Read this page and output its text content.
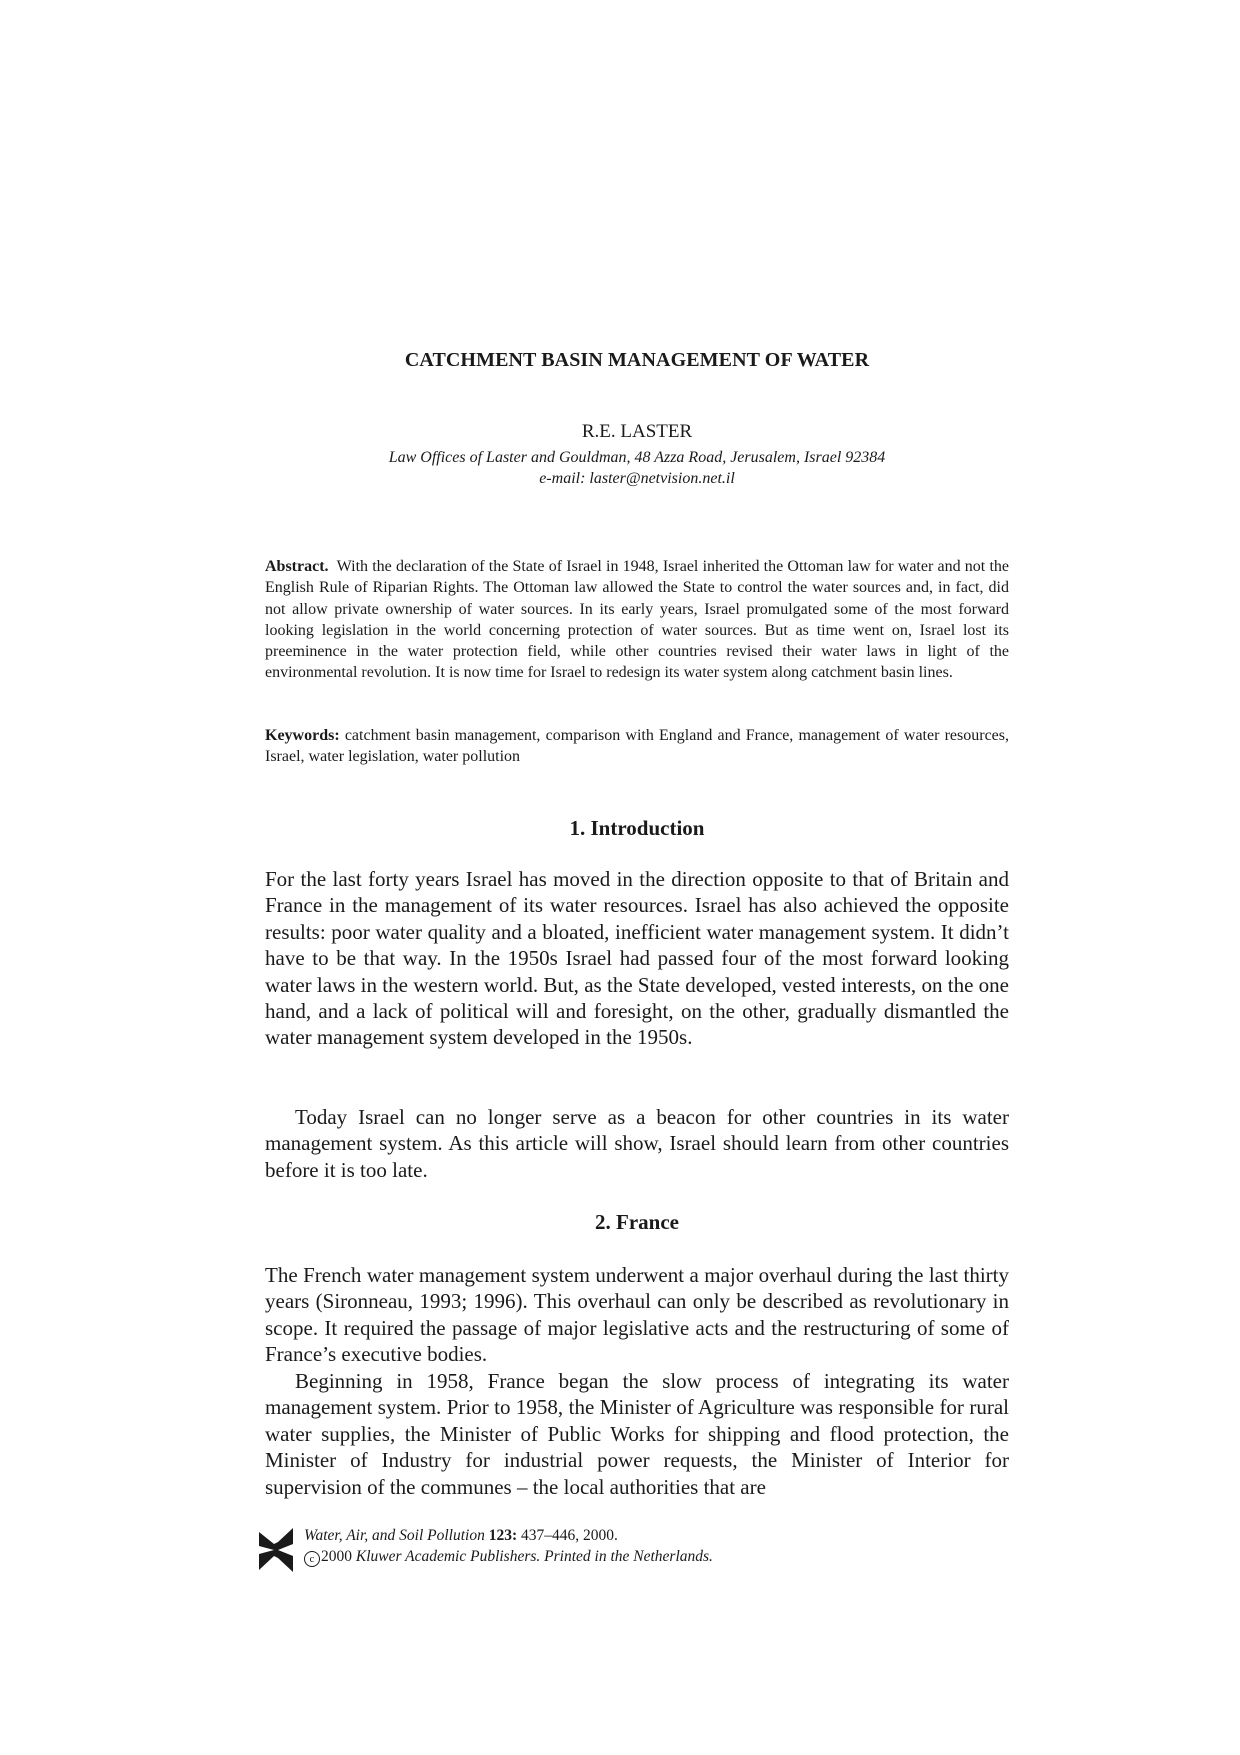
CATCHMENT BASIN MANAGEMENT OF WATER

R.E. LASTER

Law Offices of Laster and Gouldman, 48 Azza Road, Jerusalem, Israel 92384

e-mail: laster@netvision.net.il

Abstract. With the declaration of the State of Israel in 1948, Israel inherited the Ottoman law for water and not the English Rule of Riparian Rights. The Ottoman law allowed the State to control the water sources and, in fact, did not allow private ownership of water sources. In its early years, Israel promulgated some of the most forward looking legislation in the world concerning protection of water sources. But as time went on, Israel lost its preeminence in the water protection field, while other countries revised their water laws in light of the environmental revolution. It is now time for Israel to redesign its water system along catchment basin lines.

Keywords: catchment basin management, comparison with England and France, management of water resources, Israel, water legislation, water pollution

1. Introduction

For the last forty years Israel has moved in the direction opposite to that of Britain and France in the management of its water resources. Israel has also achieved the opposite results: poor water quality and a bloated, inefficient water management system. It didn’t have to be that way. In the 1950s Israel had passed four of the most forward looking water laws in the western world. But, as the State developed, vested interests, on the one hand, and a lack of political will and foresight, on the other, gradually dismantled the water management system developed in the 1950s.

Today Israel can no longer serve as a beacon for other countries in its water management system. As this article will show, Israel should learn from other countries before it is too late.

2. France

The French water management system underwent a major overhaul during the last thirty years (Sironneau, 1993; 1996). This overhaul can only be described as revolutionary in scope. It required the passage of major legislative acts and the restructuring of some of France’s executive bodies.

Beginning in 1958, France began the slow process of integrating its water management system. Prior to 1958, the Minister of Agriculture was responsible for rural water supplies, the Minister of Public Works for shipping and flood protection, the Minister of Industry for industrial power requests, the Minister of Interior for supervision of the communes – the local authorities that are

Water, Air, and Soil Pollution 123: 437–446, 2000.

c 2000 Kluwer Academic Publishers. Printed in the Netherlands.
